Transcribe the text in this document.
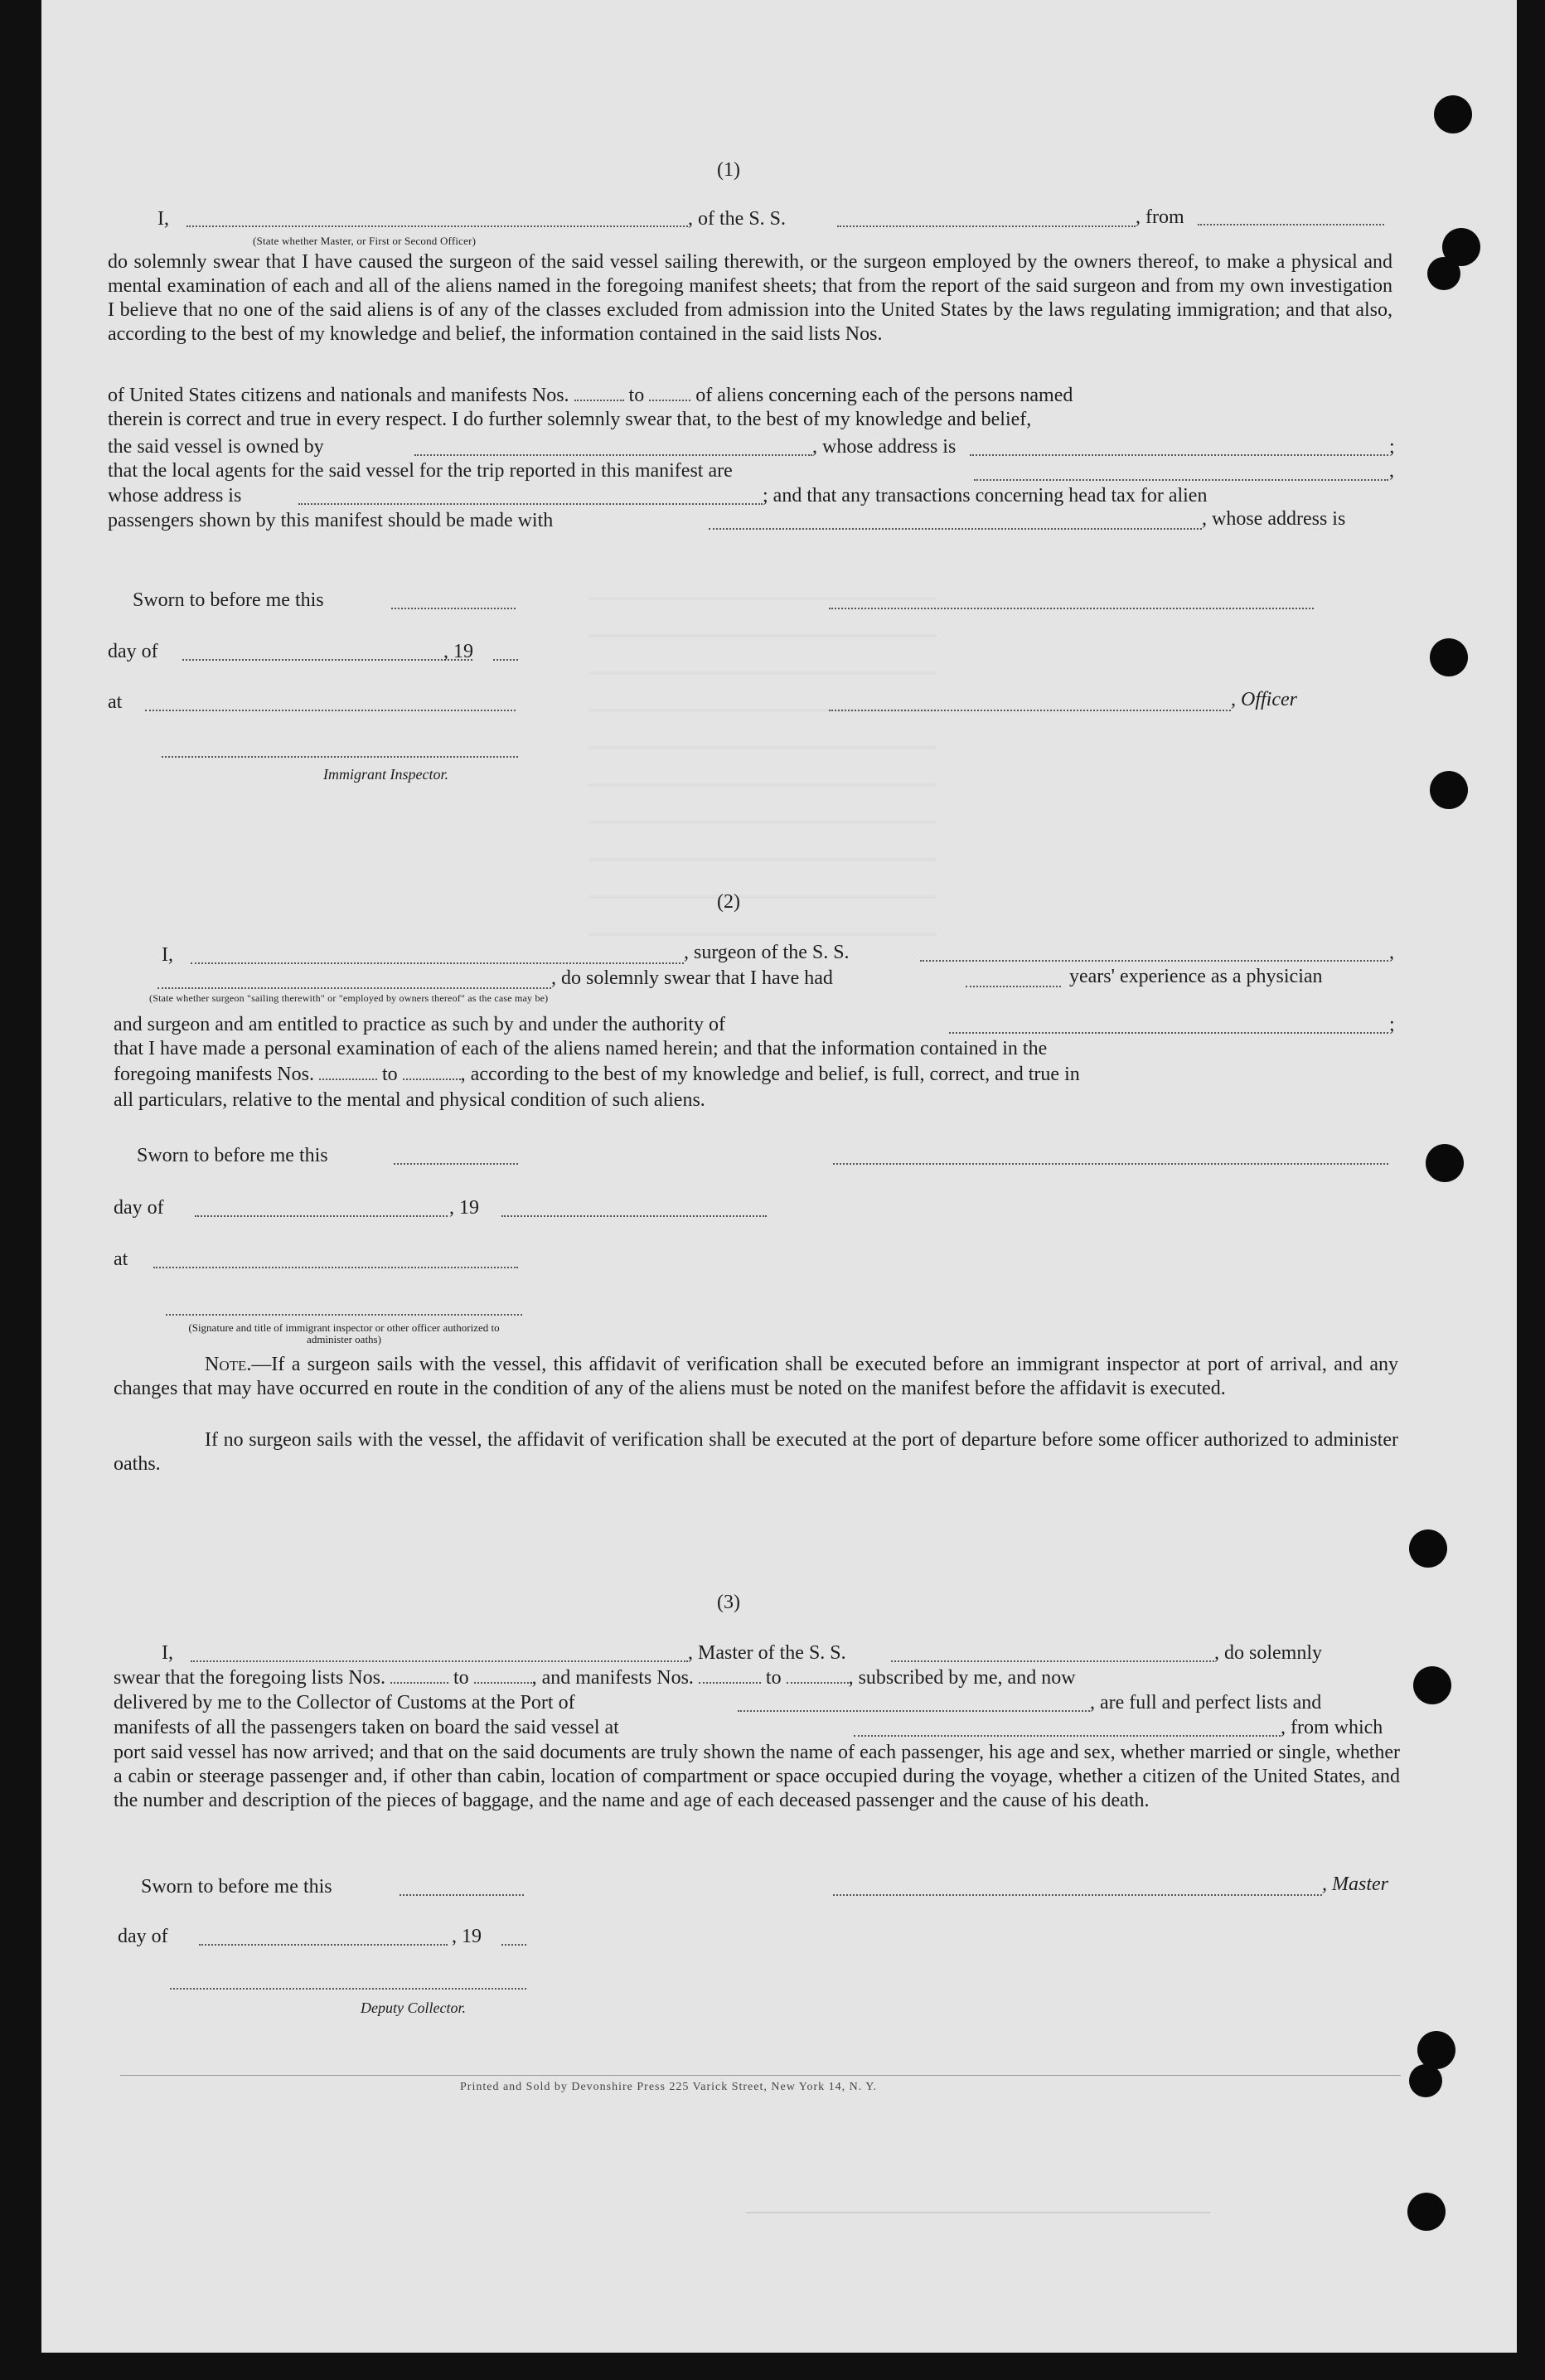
(1)
I,	, of the S. S.	, from
(State whether Master, or First or Second Officer)
do solemnly swear that I have caused the surgeon of the said vessel sailing therewith, or the surgeon employed by the owners thereof, to make a physical and mental examination of each and all of the aliens named in the foregoing manifest sheets; that from the report of the said surgeon and from my own investigation I believe that no one of the said aliens is of any of the classes excluded from admission into the United States by the laws regulating immigration; and that also, according to the best of my knowledge and belief, the information contained in the said lists Nos.
of United States citizens and nationals and manifests Nos.	to	of aliens concerning each of the persons named
therein is correct and true in every respect. I do further solemnly swear that, to the best of my knowledge and belief,
the said vessel is owned by	, whose address is	;
that the local agents for the said vessel for the trip reported in this manifest are	,
whose address is	; and that any transactions concerning head tax for alien
passengers shown by this manifest should be made with	, whose address is
Sworn to before me this
day of	, 19
at	, Officer
Immigrant Inspector.
(2)
I,	, surgeon of the S. S.	,
, do solemnly swear that I have had	years' experience as a physician
(State whether surgeon "sailing therewith" or "employed by owners thereof" as the case may be)
and surgeon and am entitled to practice as such by and under the authority of	;
that I have made a personal examination of each of the aliens named herein; and that the information contained in the
foregoing manifests Nos.	to	, according to the best of my knowledge and belief, is full, correct, and true in
all particulars, relative to the mental and physical condition of such aliens.
Sworn to before me this
day of	, 19
at
(Signature and title of immigrant inspector or other officer authorized to administer oaths)
Note.—If a surgeon sails with the vessel, this affidavit of verification shall be executed before an immigrant inspector at port of arrival, and any changes that may have occurred en route in the condition of any of the aliens must be noted on the manifest before the affidavit is executed.
If no surgeon sails with the vessel, the affidavit of verification shall be executed at the port of departure before some officer authorized to administer oaths.
(3)
I,	, Master of the S. S.	, do solemnly
swear that the foregoing lists Nos.	to	, and manifests Nos.	to	, subscribed by me, and now
delivered by me to the Collector of Customs at the Port of	, are full and perfect lists and
manifests of all the passengers taken on board the said vessel at	, from which
port said vessel has now arrived; and that on the said documents are truly shown the name of each passenger, his age and sex, whether married or single, whether a cabin or steerage passenger and, if other than cabin, location of compartment or space occupied during the voyage, whether a citizen of the United States, and the number and description of the pieces of baggage, and the name and age of each deceased passenger and the cause of his death.
Sworn to before me this	, Master
day of	, 19
Deputy Collector.
Printed and Sold by Devonshire Press 225 Varick Street, New York 14, N. Y.
